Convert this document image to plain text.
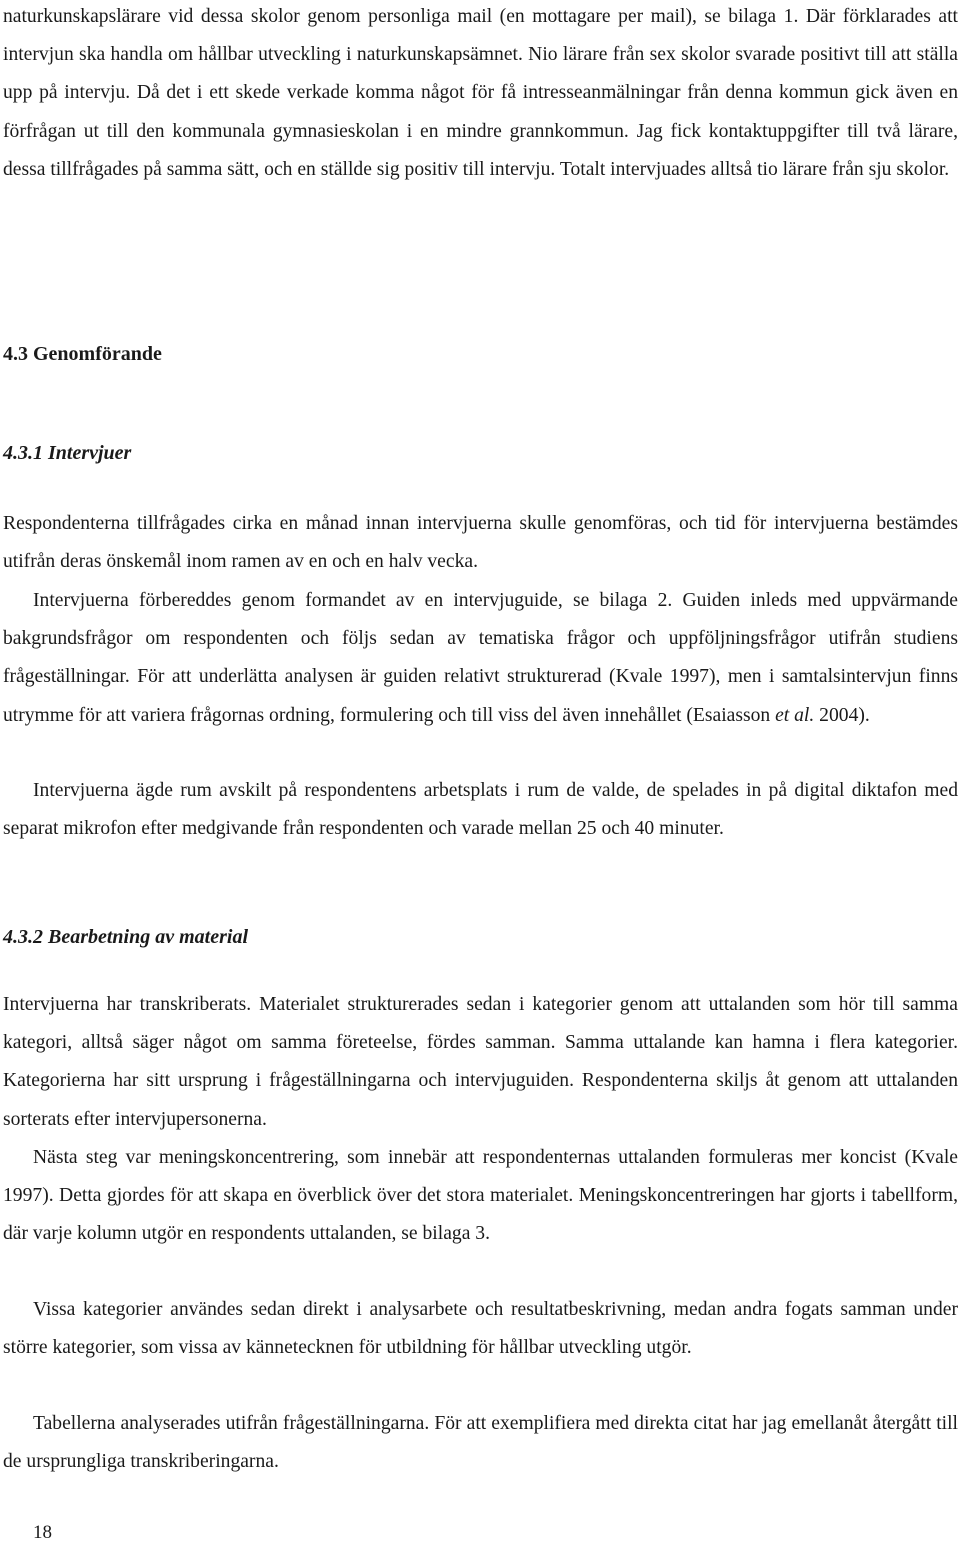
naturkunskapslärare vid dessa skolor genom personliga mail (en mottagare per mail), se bilaga 1. Där förklarades att intervjun ska handla om hållbar utveckling i naturkunskapsämnet. Nio lärare från sex skolor svarade positivt till att ställa upp på intervju. Då det i ett skede verkade komma något för få intresseanmälningar från denna kommun gick även en förfrågan ut till den kommunala gymnasieskolan i en mindre grannkommun. Jag fick kontaktuppgifter till två lärare, dessa tillfrågades på samma sätt, och en ställde sig positiv till intervju. Totalt intervjuades alltså tio lärare från sju skolor.

4.3 Genomförande
4.3.1 Intervjuer

Respondenterna tillfrågades cirka en månad innan intervjuerna skulle genomföras, och tid för intervjuerna bestämdes utifrån deras önskemål inom ramen av en och en halv vecka.

Intervjuerna förbereddes genom formandet av en intervjuguide, se bilaga 2. Guiden inleds med uppvärmande bakgrundsfrågor om respondenten och följs sedan av tematiska frågor och uppföljningsfrågor utifrån studiens frågeställningar. För att underlätta analysen är guiden relativt strukturerad (Kvale 1997), men i samtalsintervjun finns utrymme för att variera frågornas ordning, formulering och till viss del även innehållet (Esaiasson et al. 2004).

Intervjuerna ägde rum avskilt på respondentens arbetsplats i rum de valde, de spelades in på digital diktafon med separat mikrofon efter medgivande från respondenten och varade mellan 25 och 40 minuter.

4.3.2 Bearbetning av material

Intervjuerna har transkriberats. Materialet strukturerades sedan i kategorier genom att uttalanden som hör till samma kategori, alltså säger något om samma företeelse, fördes samman. Samma uttalande kan hamna i flera kategorier. Kategorierna har sitt ursprung i frågeställningarna och intervjuguiden. Respondenterna skiljs åt genom att uttalanden sorterats efter intervjupersonerna.

Nästa steg var meningskoncentrering, som innebär att respondenternas uttalanden formuleras mer koncist (Kvale 1997). Detta gjordes för att skapa en överblick över det stora materialet. Meningskoncentreringen har gjorts i tabellform, där varje kolumn utgör en respondents uttalanden, se bilaga 3.

Vissa kategorier användes sedan direkt i analysarbete och resultatbeskrivning, medan andra fogats samman under större kategorier, som vissa av kännetecknen för utbildning för hållbar utveckling utgör.

Tabellerna analyserades utifrån frågeställningarna. För att exemplifiera med direkta citat har jag emellanåt återgått till de ursprungliga transkriberingarna.

18
